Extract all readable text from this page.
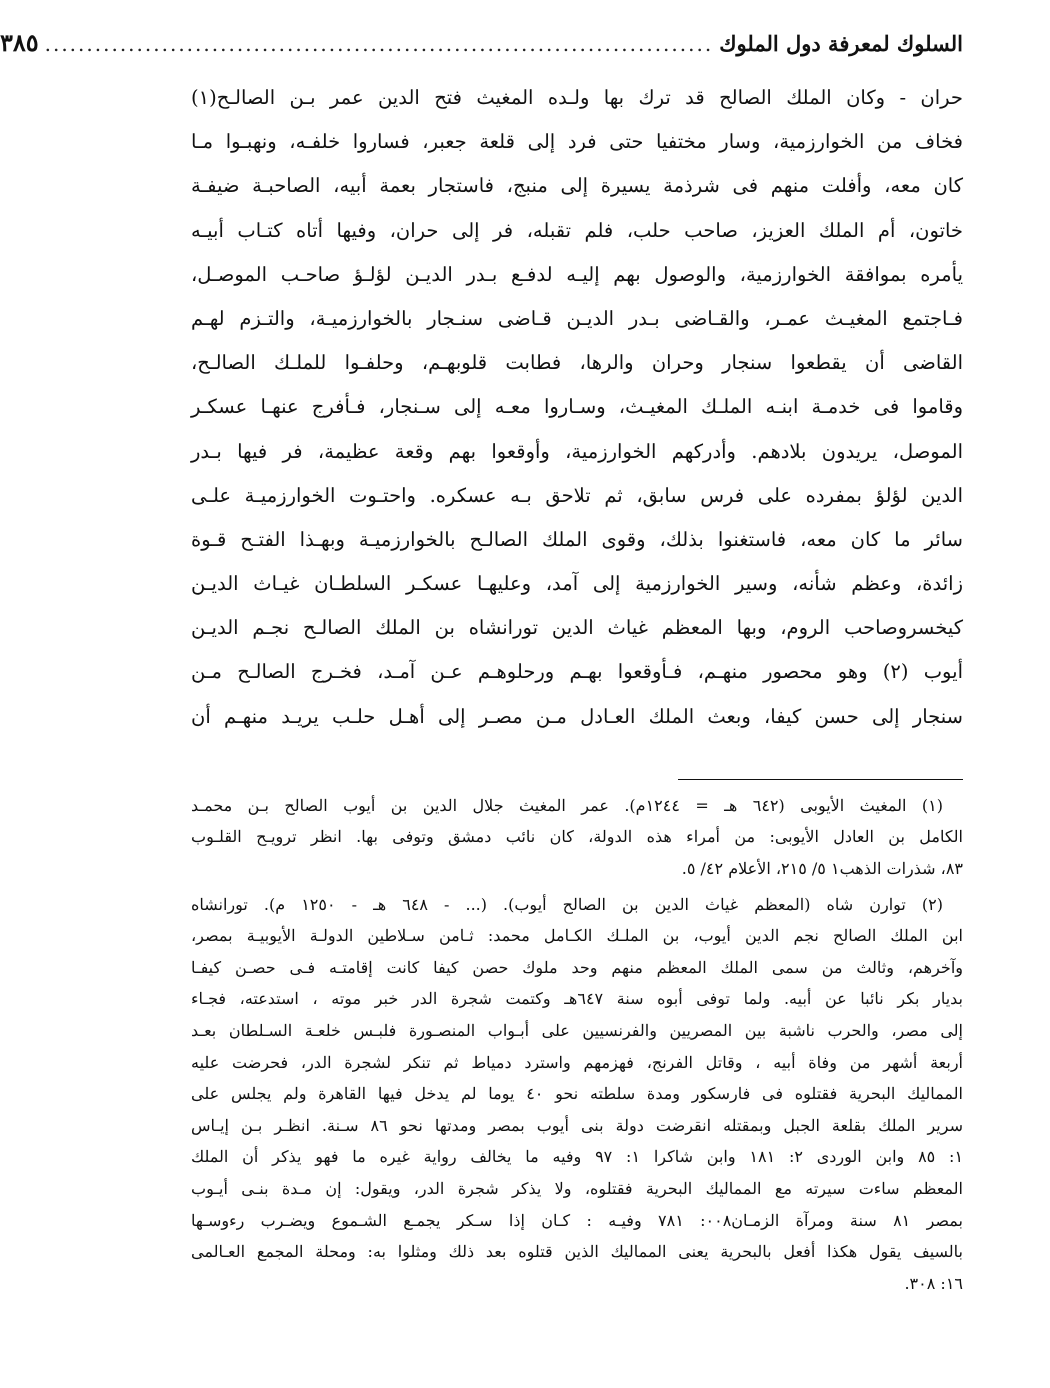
السلوك لمعرفة دول الملوك
................................................................................
٣٨٥
حران - وكان الملك الصالح قد ترك بها ولـده المغيث فتح الدين عمر بـن الصالـح(١)
فخاف من الخوارزمية، وسار مختفيا حتى فرد إلى قلعة جعبر، فساروا خلفـه، ونهبـوا مـا
كان معه، وأفلت منهم فى شرذمة يسيرة إلى منبج، فاستجار بعمة أبيه، الصاحبـة ضيفـة
خاتون، أم الملك العزيز، صاحب حلب، فلم تقبله، فر إلى حران، وفيها أتاه كتـاب أبيـه
يأمره بموافقة الخوارزمية، والوصول بهم إليـه لدفـع بـدر الديـن لؤلـؤ صاحـب الموصـل،
فـاجتمع المغيـث عمـر، والقـاضى بـدر الديـن قـاضى سنـجار بالخوارزميـة، والتـزم لهـم
القاضى أن يقطعوا سنجار وحران والرها، فطابت قلوبهـم، وحلفـوا للملـك الصالـح،
وقاموا فى خدمـة ابنـه الملـك المغيـث، وسـاروا معـه إلى سـنجار، فـأفرج عنهـا عسكـر
الموصل، يريدون بلادهم. وأدركهم الخوارزمية، وأوقعوا بهم وقعة عظيمة، فر فيها بـدر
الدين لؤلؤ بمفرده على فرس سابق، ثم تلاحق بـه عسكره. واحتـوت الخوارزميـة علـى
سائر ما كان معه، فاستغنوا بذلك، وقوى الملك الصالـح بالخوارزميـة وبهـذا الفتـح قـوة
زائدة، وعظم شأنه، وسير الخوارزمية إلى آمد، وعليهـا عسكـر السلطـان غيـاث الديـن
كيخسروصاحب الروم، وبها المعظم غياث الدين تورانشاه بن الملك الصالـح نجـم الديـن
أيوب (٢) وهو محصور منهـم، فـأوقعوا بهـم ورحلوهـم عـن آمـد، فخـرج الصالـح مـن
سنجار إلى حسن كيفا، وبعث الملك العـادل مـن مصـر إلى أهـل حلـب يريـد منهـم أن
(١) المغيث الأيوبى (٦٤٢ هـ = ١٢٤٤م). عمر المغيث جلال الدين بن أيوب الصالح بـن محمـد
الكامل بن العادل الأيوبى: من أمراء هذه الدولة، كان نائب دمشق وتوفى بها. انظر ترويـح القلـوب
٨٣، شذرات الذهب١ ٥/ ٢١٥، الأعلام ٤٢/ ٥.
(٢) توارن شاه (المعظم غياث الدين بن الصالح أيوب). (... - ٦٤٨ هـ - ١٢٥٠ م). تورانشاه
ابن الملك الصالح نجم الدين أيوب، بن الملـك الكـامل محمد: ثـامن سـلاطين الدولـة الأيوبيـة بمصر،
وآخرهم، وثالث من سمى الملك المعظم منهم وحد ملوك حصن كيفا كانت إقامتـه فـى حصـن كيفـا
بديار بكر نائبا عن أبيه. ولما توفى أبوه سنة ٦٤٧هـ وكتمت شجرة الدر خبر موته ، استدعته، فجـاء
إلى مصر، والحرب ناشبة بين المصريين والفرنسيين على أبـواب المنصـورة فلبـس خلعـة السـلطان بعـد
أربعة أشهر من وفاة أبيه ، وقاتل الفرنج، فهزمهم واسترد دمياط ثم تنكر لشجرة الدر، فحرضت عليه
المماليك البحرية فقتلوه فى فارسكور ومدة سلطته نحو ٤٠ يوما لم يدخل فيها القاهرة ولم يجلس على
سرير الملك بقلعة الجبل وبمقتله انقرضت دولة بنى أيوب بمصر ومدتها نحو ٨٦ سـنة. انظـر بـن إيـاس
١: ٨٥ وابن الوردى ٢: ١٨١ وابن شاكرا ١: ٩٧ وفيه ما يخالف رواية غيره ما فهو يذكر أن الملك
المعظم ساءت سيرته مع المماليك البحرية فقتلوه، ولا يذكر شجرة الدر، ويقول: إن مـدة بنـى أيـوب
بمصر ٨١ سنة ومرآة الزمـان٠٠٨: ٧٨١ وفيـه : كـان إذا سـكر يجمـع الشـموع ويضـرب رءوسـها
بالسيف يقول هكذا أفعل بالبحرية يعنى المماليك الذين قتلوه بعد ذلك ومثلوا به: ومحلة المجمع العـالمى
١٦: ٣٠٨.
